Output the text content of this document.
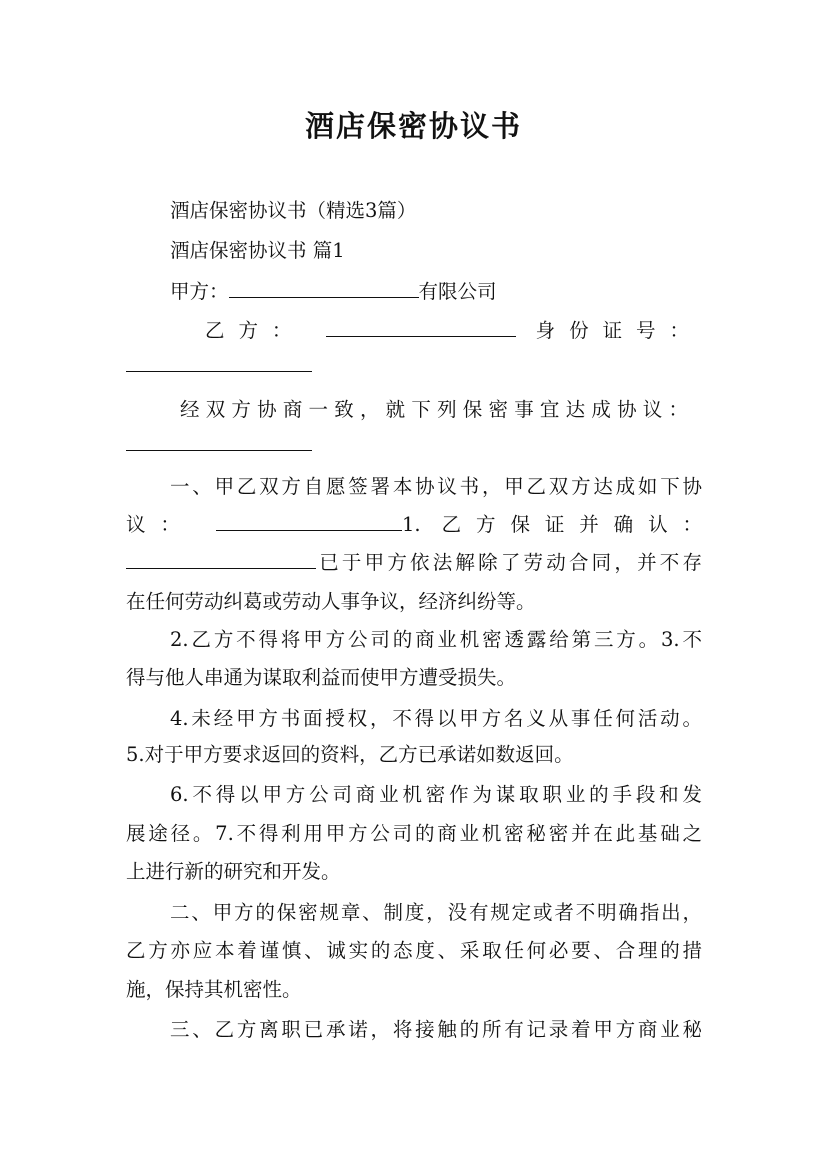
酒店保密协议书
酒店保密协议书（精选3篇）
酒店保密协议书 篇1
甲方：	有限公司
乙方：	身份证号：
经双方协商一致，就下列保密事宜达成协议：
一、甲乙双方自愿签署本协议书，甲乙双方达成如下协
议：	1. 乙方保证并确认：
已于甲方依法解除了劳动合同，并不存
在任何劳动纠葛或劳动人事争议，经济纠纷等。
2.乙方不得将甲方公司的商业机密透露给第三方。3.不
得与他人串通为谋取利益而使甲方遭受损失。
4.未经甲方书面授权，不得以甲方名义从事任何活动。
5.对于甲方要求返回的资料，乙方已承诺如数返回。
6.不得以甲方公司商业机密作为谋取职业的手段和发
展途径。7.不得利用甲方公司的商业机密秘密并在此基础之
上进行新的研究和开发。
二、甲方的保密规章、制度，没有规定或者不明确指出，
乙方亦应本着谨慎、诚实的态度、采取任何必要、合理的措
施，保持其机密性。
三、乙方离职已承诺，将接触的所有记录着甲方商业秘
